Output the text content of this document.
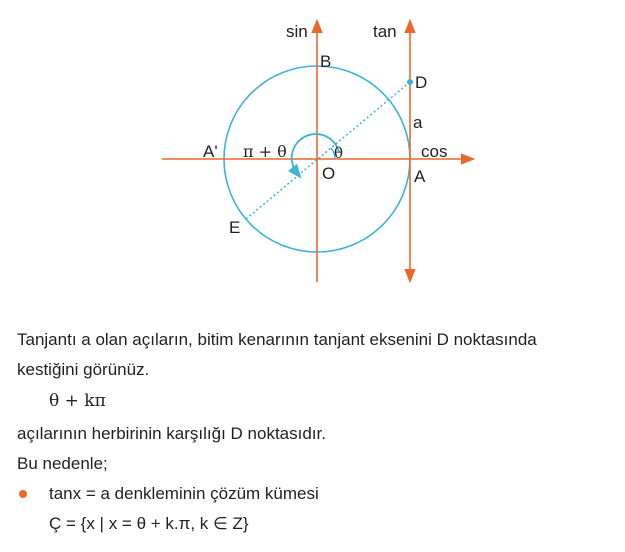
sin	tan
cos
B
D
a
A'
A
O
E
θ
π + θ
Tanjantı a olan açıların, bitim kenarının tanjant eksenini D noktasında
kestiğini görünüz.
θ + kπ
açılarının herbirinin karşılığı D noktasıdır.
Bu nedenle;
tanx = a denkleminin çözüm kümesi
Ç = {x | x = θ + k.π, k ∈ Z}
